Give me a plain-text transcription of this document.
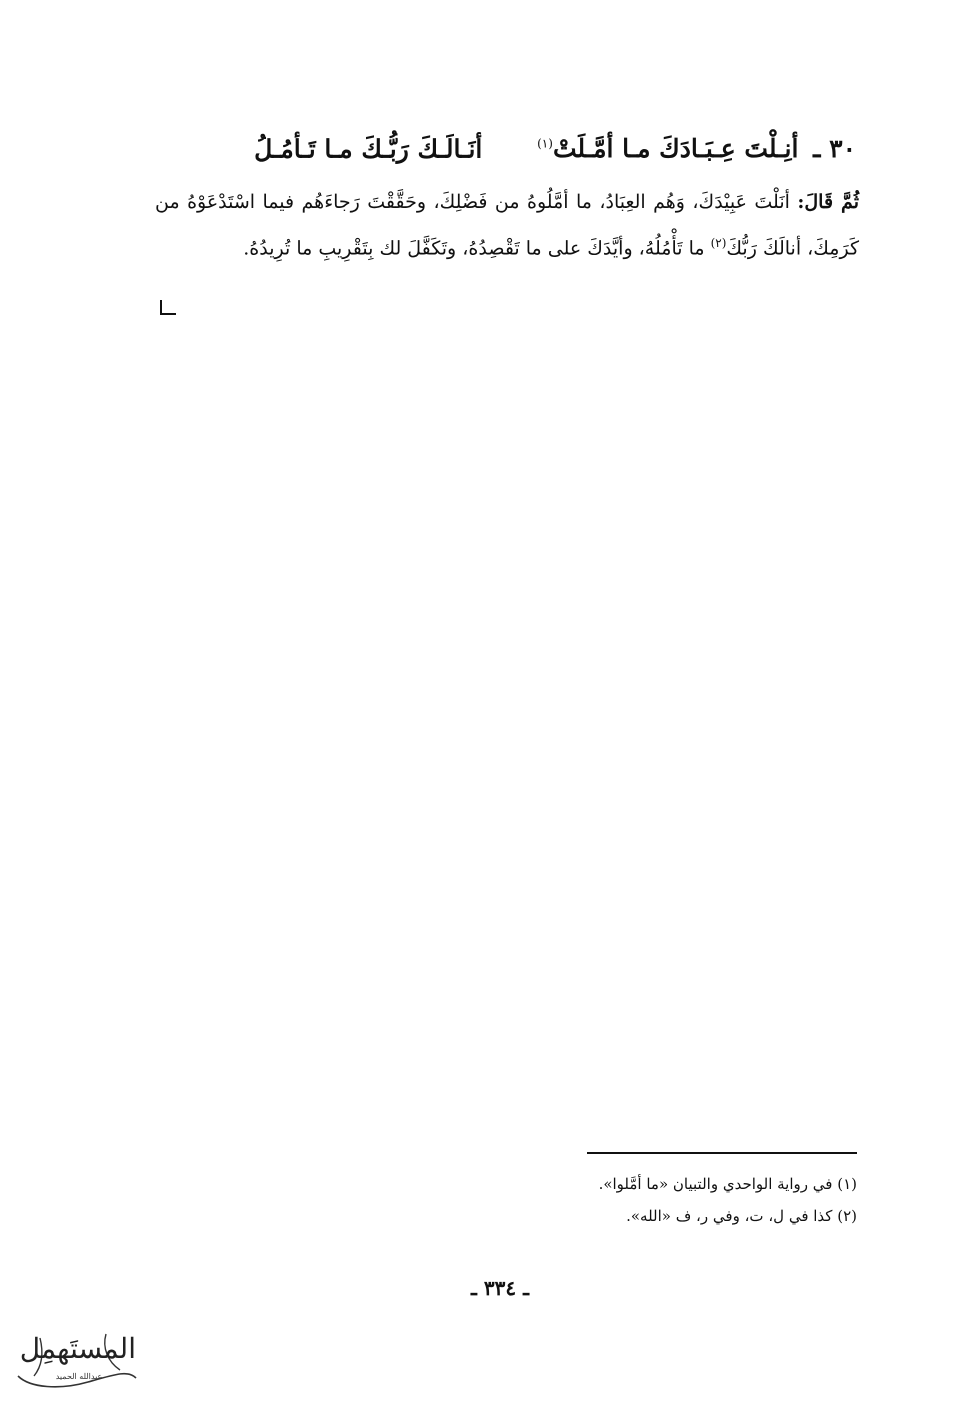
٣٠ ـ أنِـلْتَ عِـبَـادَكَ مـا أمَّـلَتْ$^{(١)}$ أنَـالَـكَ رَبُّـكَ مـا تَـأمُـلُ
ثُمَّ قَالَ: أنَلْتَ عَبِيْدَكَ، وَهُم العِبَادُ، ما أمَّلُوهُ من فَضْلِكَ، وحَقَّقْتَ رَجاءَهُم فيما اسْتَدْعَوْهُ من كَرَمِكَ، أنالَكَ رَبُّكَ$^{(٢)}$ ما تَأْمُلُهُ، وأيَّدَكَ على ما تَقْصِدُهُ، وتَكَفَّلَ لك بِتَقْرِيبِ ما تُرِيدُهُ.
(١) في رواية الواحدي والتبيان «ما أمَّلوا».
(٢) كذا في ل، ت، وفي ر، ف «الله».
ـ ٣٣٤ ـ
المستَهمِل
عبدالله الحميد
